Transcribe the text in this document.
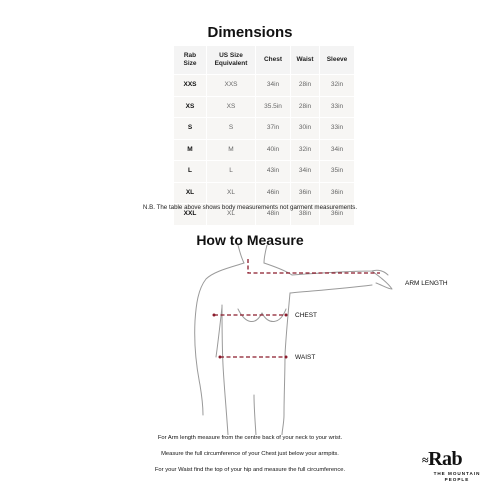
Dimensions
Rab Size	US Size Equivalent	Chest	Waist	Sleeve
XXS	XXS	34in	28in	32in
XS	XS	35.5in	28in	33in
S	S	37in	30in	33in
M	M	40in	32in	34in
L	L	43in	34in	35in
XL	XL	46in	36in	36in
XXL	XL	48in	38in	36in
N.B. The table above shows body measurements not garment measurements.
How to Measure
ARM LENGTH
CHEST
WAIST
For Arm length measure from the centre back of your neck to your wrist.
Measure the full circumference of your Chest just below your armpits.
For your Waist find the top of your hip and measure the full circumference.
≈Rab
THE MOUNTAIN
PEOPLE
